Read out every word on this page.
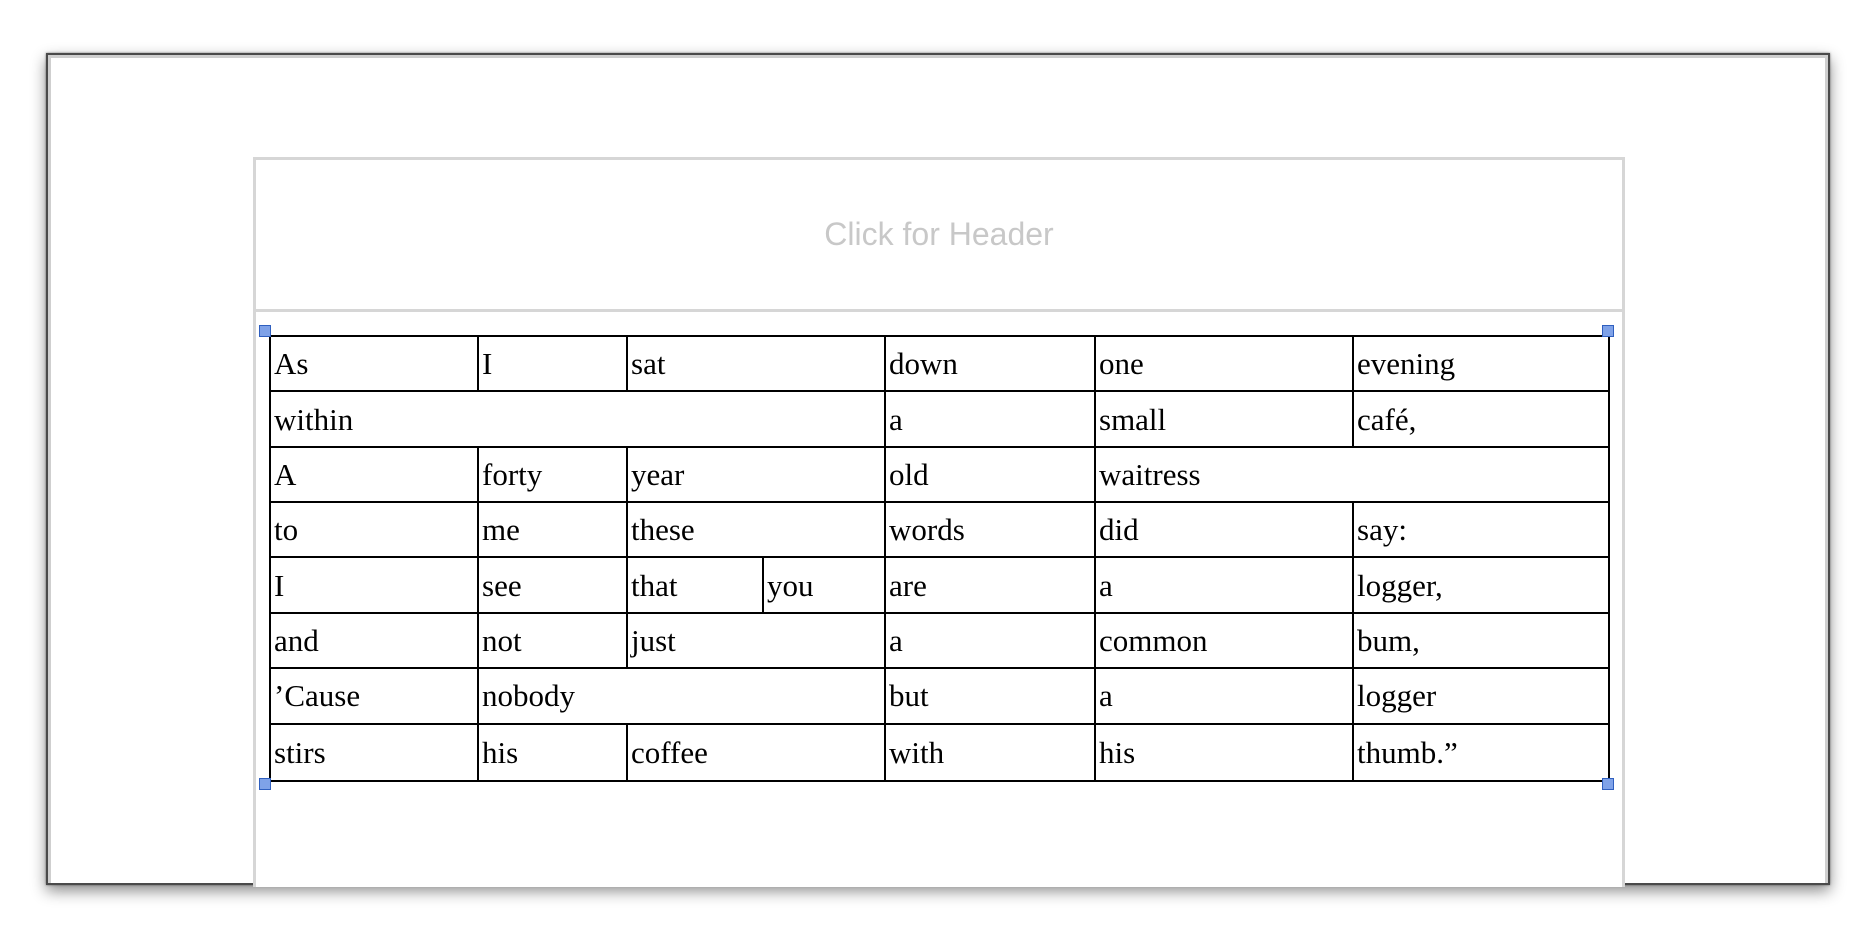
Click for Header
As	I	sat		down	one	evening
within				a	small	café,
A	forty	year		old	waitress	
to	me	these		words	did	say:
I	see	that	you	are	a	logger,
and	not	just		a	common	bum,
’Cause	nobody			but	a	logger
stirs	his	coffee		with	his	thumb.”
